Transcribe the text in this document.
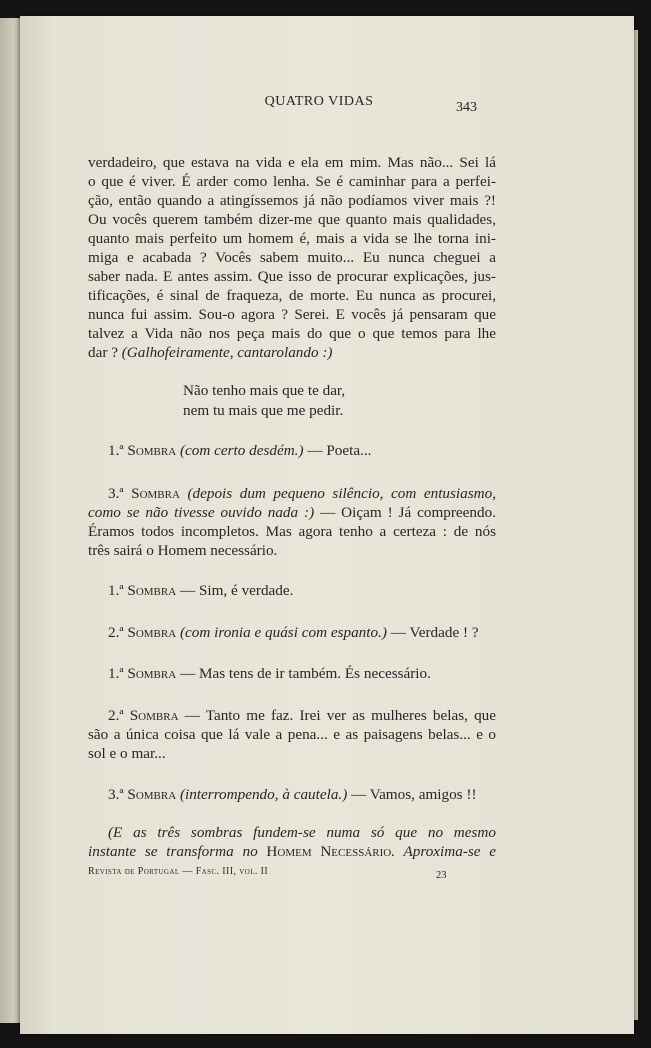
QUATRO VIDAS	343
verdadeiro, que estava na vida e ela em mim. Mas não... Sei lá
o que é viver. É arder como lenha. Se é caminhar para a perfei-
ção, então quando a atingíssemos já não podíamos viver mais ?!
Ou vocês querem também dizer-me que quanto mais qualidades,
quanto mais perfeito um homem é, mais a vida se lhe torna ini-
miga e acabada ? Vocês sabem muito... Eu nunca cheguei a
saber nada. E antes assim. Que isso de procurar explicações, jus-
tificações, é sinal de fraqueza, de morte. Eu nunca as procurei,
nunca fui assim. Sou-o agora ? Serei. E vocês já pensaram que
talvez a Vida não nos peça mais do que o que temos para lhe
dar ? (Galhofeiramente, cantarolando :)
Não tenho mais que te dar,
nem tu mais que me pedir.
1.ª Sombra (com certo desdém.) — Poeta...
3.ª Sombra (depois dum pequeno silêncio, com entusiasmo,
como se não tivesse ouvido nada :) — Oiçam ! Já compreendo.
Éramos todos incompletos. Mas agora tenho a certeza : de nós
três sairá o Homem necessário.
1.ª Sombra — Sim, é verdade.
2.ª Sombra (com ironia e quási com espanto.) — Verdade ! ?
1.ª Sombra — Mas tens de ir também. És necessário.
2.ª Sombra — Tanto me faz. Irei ver as mulheres belas, que
são a única coisa que lá vale a pena... e as paisagens belas... e o
sol e o mar...
3.ª Sombra (interrompendo, à cautela.) — Vamos, amigos !!
(E as três sombras fundem-se numa só que no mesmo
instante se transforma no Homem Necessário. Aproxima-se e
Revista de Portugal — Fasc. III, vol. II	23
